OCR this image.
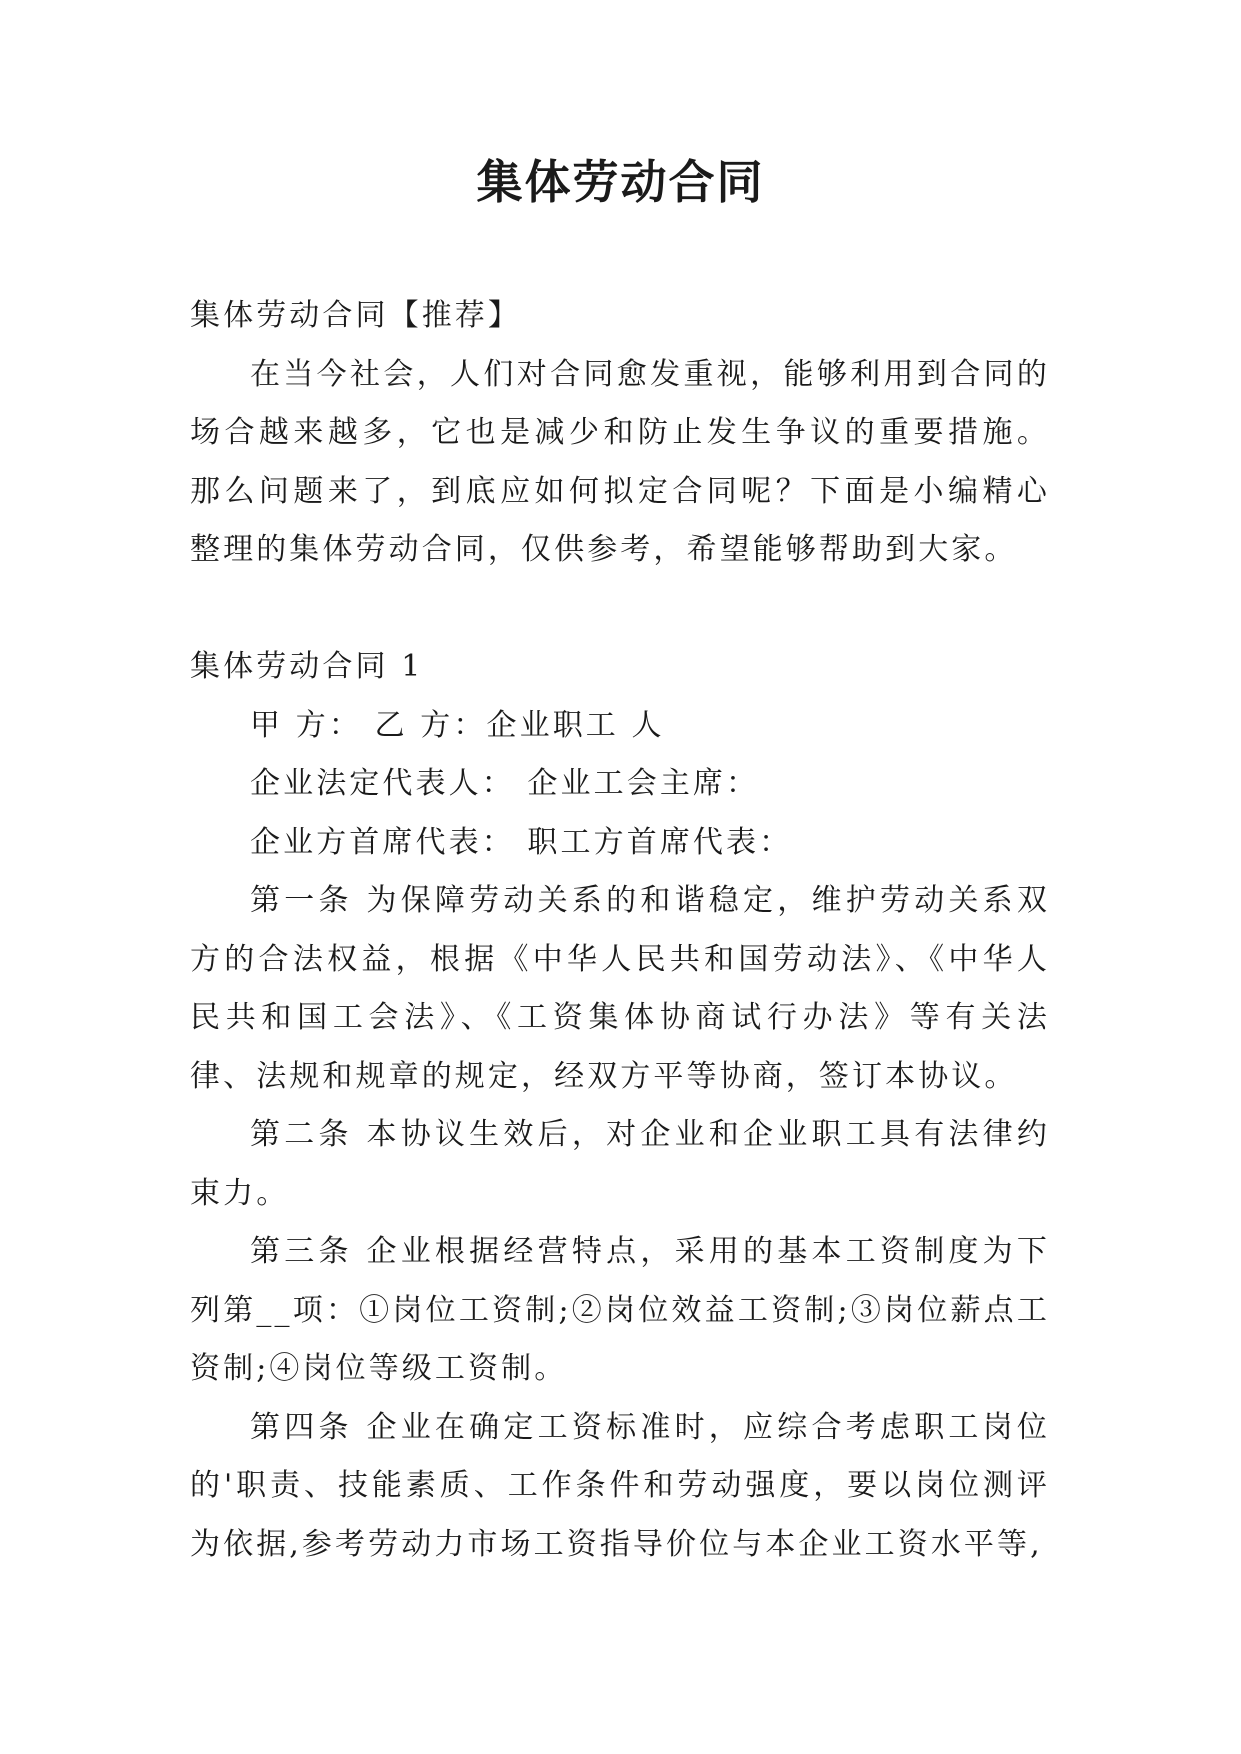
集体劳动合同

集体劳动合同【推荐】

在当今社会，人们对合同愈发重视，能够利用到合同的场合越来越多，它也是减少和防止发生争议的重要措施。那么问题来了，到底应如何拟定合同呢？下面是小编精心整理的集体劳动合同，仅供参考，希望能够帮助到大家。

集体劳动合同 1

甲 方： 乙 方：企业职工 人

企业法定代表人： 企业工会主席：

企业方首席代表： 职工方首席代表：

第一条 为保障劳动关系的和谐稳定，维护劳动关系双方的合法权益，根据《中华人民共和国劳动法》、《中华人民共和国工会法》、《工资集体协商试行办法》等有关法律、法规和规章的规定，经双方平等协商，签订本协议。

第二条 本协议生效后，对企业和企业职工具有法律约束力。

第三条 企业根据经营特点，采用的基本工资制度为下列第__项：①岗位工资制;②岗位效益工资制;③岗位薪点工资制;④岗位等级工资制。

第四条 企业在确定工资标准时，应综合考虑职工岗位的'职责、技能素质、工作条件和劳动强度，要以岗位测评为依据,参考劳动力市场工资指导价位与本企业工资水平等,
